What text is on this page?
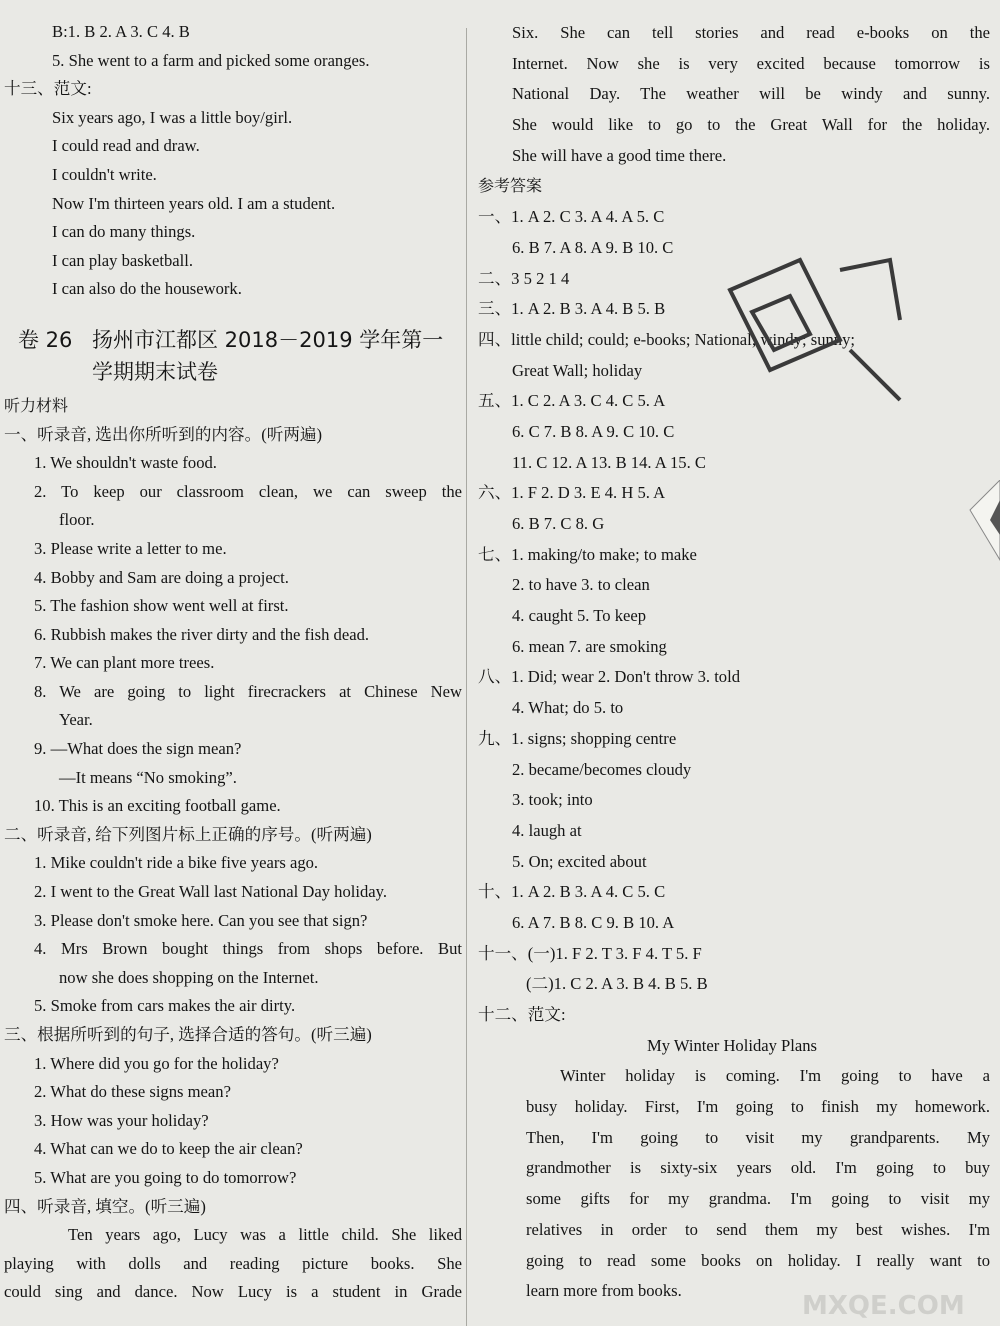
B:1. B 2. A 3. C 4. B
5. She went to a farm and picked some oranges.
十三、范文:
Six years ago, I was a little boy/girl.
I could read and draw.
I couldn't write.
Now I'm thirteen years old. I am a student.
I can do many things.
I can play basketball.
I can also do the housework.
卷 26 扬州市江都区 2018－2019 学年第一
学期期末试卷
听力材料
一、听录音, 选出你所听到的内容。(听两遍)
1. We shouldn't waste food.
2. To keep our classroom clean, we can sweep the
floor.
3. Please write a letter to me.
4. Bobby and Sam are doing a project.
5. The fashion show went well at first.
6. Rubbish makes the river dirty and the fish dead.
7. We can plant more trees.
8. We are going to light firecrackers at Chinese New
Year.
9. —What does the sign mean?
—It means “No smoking”.
10. This is an exciting football game.
二、听录音, 给下列图片标上正确的序号。(听两遍)
1. Mike couldn't ride a bike five years ago.
2. I went to the Great Wall last National Day holiday.
3. Please don't smoke here. Can you see that sign?
4. Mrs Brown bought things from shops before. But
now she does shopping on the Internet.
5. Smoke from cars makes the air dirty.
三、根据所听到的句子, 选择合适的答句。(听三遍)
1. Where did you go for the holiday?
2. What do these signs mean?
3. How was your holiday?
4. What can we do to keep the air clean?
5. What are you going to do tomorrow?
四、听录音, 填空。(听三遍)
Ten years ago, Lucy was a little child. She liked
playing with dolls and reading picture books. She
could sing and dance. Now Lucy is a student in Grade
Six. She can tell stories and read e-books on the
Internet. Now she is very excited because tomorrow is
National Day. The weather will be windy and sunny.
She would like to go to the Great Wall for the holiday.
She will have a good time there.
参考答案
一、1. A 2. C 3. A 4. A 5. C
6. B 7. A 8. A 9. B 10. C
二、3 5 2 1 4
三、1. A 2. B 3. A 4. B 5. B
四、little child; could; e-books; National; windy; sunny;
Great Wall; holiday
五、1. C 2. A 3. C 4. C 5. A
6. C 7. B 8. A 9. C 10. C
11. C 12. A 13. B 14. A 15. C
六、1. F 2. D 3. E 4. H 5. A
6. B 7. C 8. G
七、1. making/to make; to make
2. to have 3. to clean
4. caught 5. To keep
6. mean 7. are smoking
八、1. Did; wear 2. Don't throw 3. told
4. What; do 5. to
九、1. signs; shopping centre
2. became/becomes cloudy
3. took; into
4. laugh at
5. On; excited about
十、1. A 2. B 3. A 4. C 5. C
6. A 7. B 8. C 9. B 10. A
十一、(一)1. F 2. T 3. F 4. T 5. F
(二)1. C 2. A 3. B 4. B 5. B
十二、范文:
My Winter Holiday Plans
Winter holiday is coming. I'm going to have a
busy holiday. First, I'm going to finish my homework.
Then, I'm going to visit my grandparents. My
grandmother is sixty-six years old. I'm going to buy
some gifts for my grandma. I'm going to visit my
relatives in order to send them my best wishes. I'm
going to read some books on holiday. I really want to
learn more from books.
MXQE.COM
